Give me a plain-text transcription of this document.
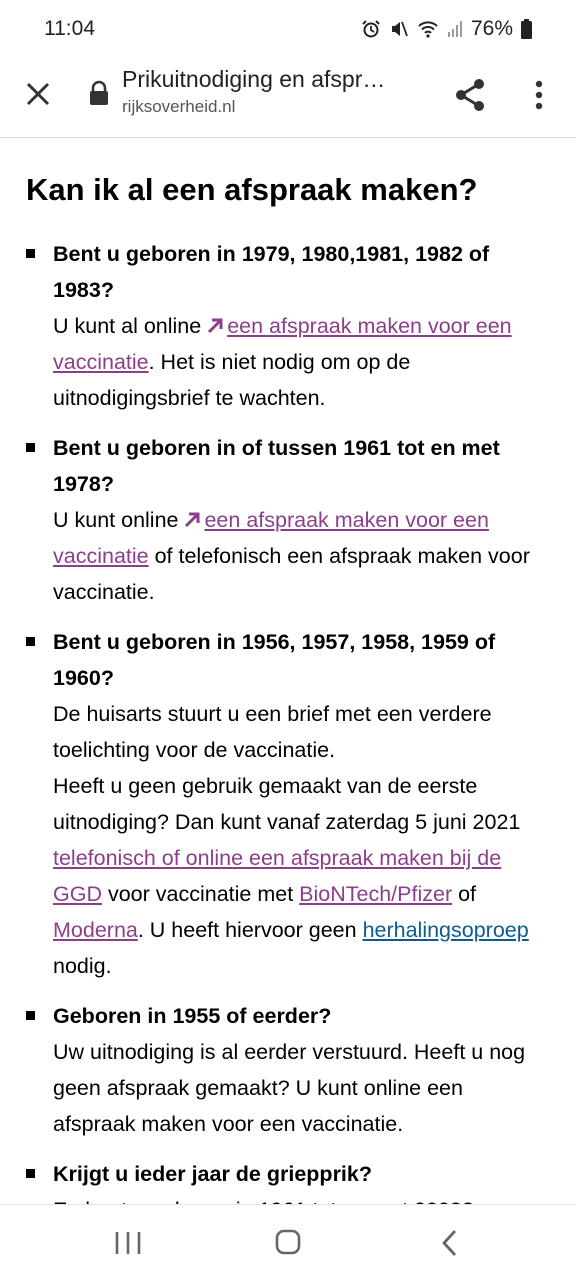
11:04	76%
Prikuitnodiging en afspr…
rijksoverheid.nl
Kan ik al een afspraak maken?
Bent u geboren in 1979, 1980,1981, 1982 of 1983?
U kunt al online een afspraak maken voor een vaccinatie. Het is niet nodig om op de uitnodigingsbrief te wachten.
Bent u geboren in of tussen 1961 tot en met 1978?
U kunt online een afspraak maken voor een vaccinatie of telefonisch een afspraak maken voor vaccinatie.
Bent u geboren in 1956, 1957, 1958, 1959 of 1960?
De huisarts stuurt u een brief met een verdere toelichting voor de vaccinatie.
Heeft u geen gebruik gemaakt van de eerste uitnodiging? Dan kunt vanaf zaterdag 5 juni 2021 telefonisch of online een afspraak maken bij de GGD voor vaccinatie met BioNTech/Pfizer of Moderna. U heeft hiervoor geen herhalingsoproep nodig.
Geboren in 1955 of eerder?
Uw uitnodiging is al eerder verstuurd. Heeft u nog geen afspraak gemaakt? U kunt online een afspraak maken voor een vaccinatie.
Krijgt u ieder jaar de griepprik?
